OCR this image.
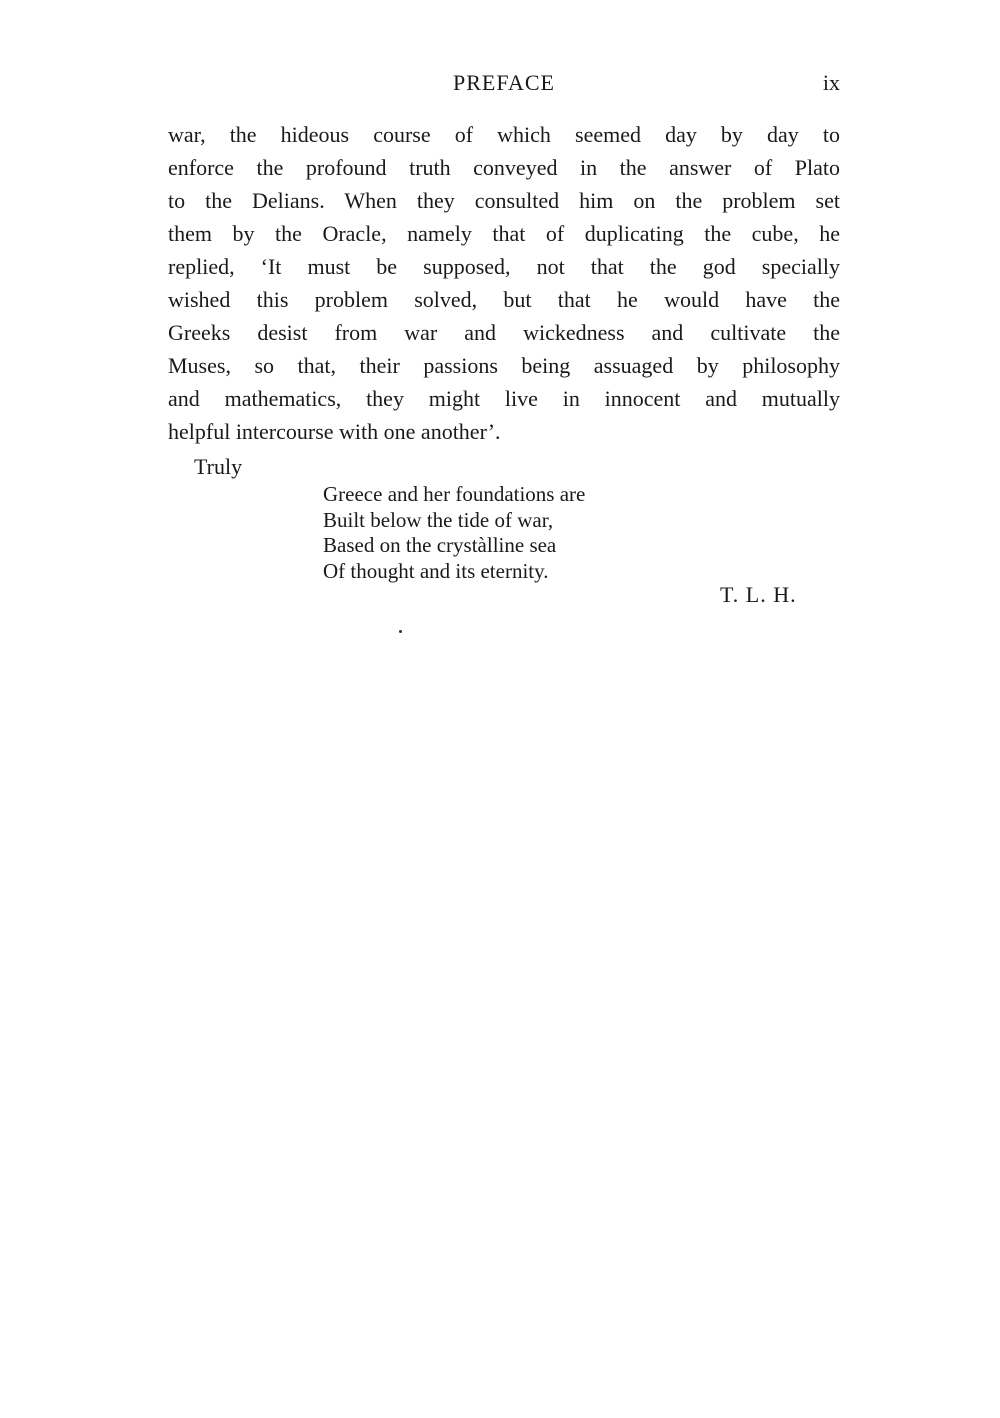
PREFACE	ix
war, the hideous course of which seemed day by day to
enforce the profound truth conveyed in the answer of Plato
to the Delians. When they consulted him on the problem set
them by the Oracle, namely that of duplicating the cube, he
replied, ‘It must be supposed, not that the god specially
wished this problem solved, but that he would have the
Greeks desist from war and wickedness and cultivate the
Muses, so that, their passions being assuaged by philosophy
and mathematics, they might live in innocent and mutually
helpful intercourse with one another’.
Truly
Greece and her foundations are
Built below the tide of war,
Based on the crystàlline sea
Of thought and its eternity.
T. L. H.
